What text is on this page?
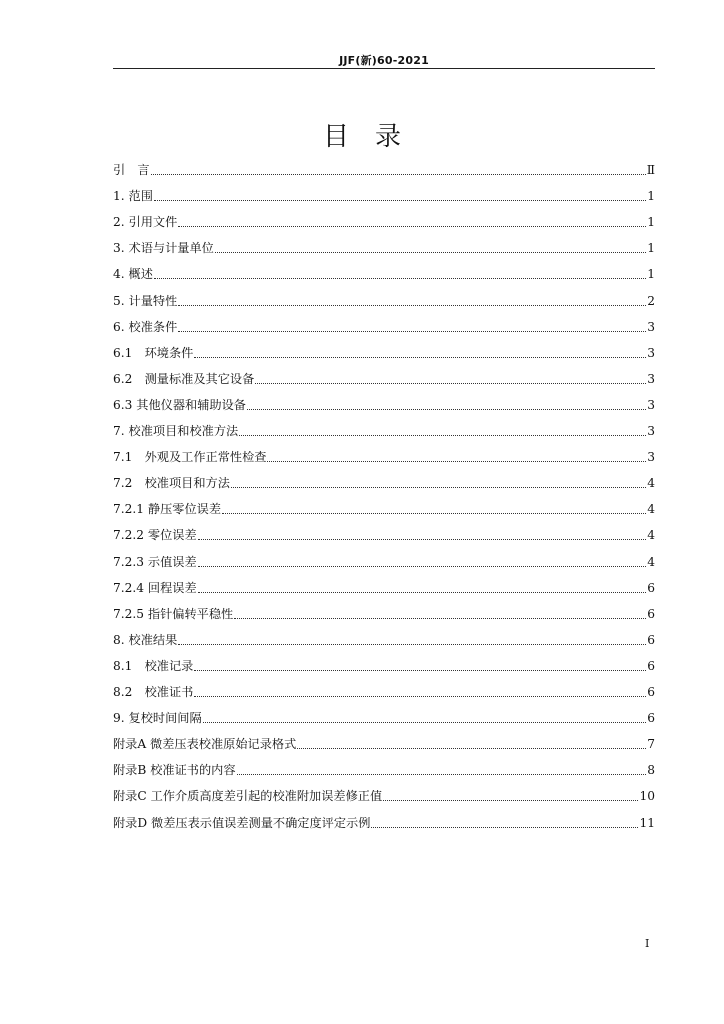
JJF(新)60-2021
目录
引　言	Ⅱ
1. 范围	1
2. 引用文件	1
3. 术语与计量单位	1
4. 概述	1
5. 计量特性	2
6. 校准条件	3
6.1　环境条件	3
6.2　测量标准及其它设备	3
6.3 其他仪器和辅助设备	3
7. 校准项目和校准方法	3
7.1　外观及工作正常性检查	3
7.2　校准项目和方法	4
7.2.1 静压零位误差	4
7.2.2 零位误差	4
7.2.3 示值误差	4
7.2.4 回程误差	6
7.2.5 指针偏转平稳性	6
8. 校准结果	6
8.1　校准记录	6
8.2　校准证书	6
9. 复校时间间隔	6
附录A 微差压表校准原始记录格式	7
附录B 校准证书的内容	8
附录C 工作介质高度差引起的校准附加误差修正值	10
附录D 微差压表示值误差测量不确定度评定示例	11
I
